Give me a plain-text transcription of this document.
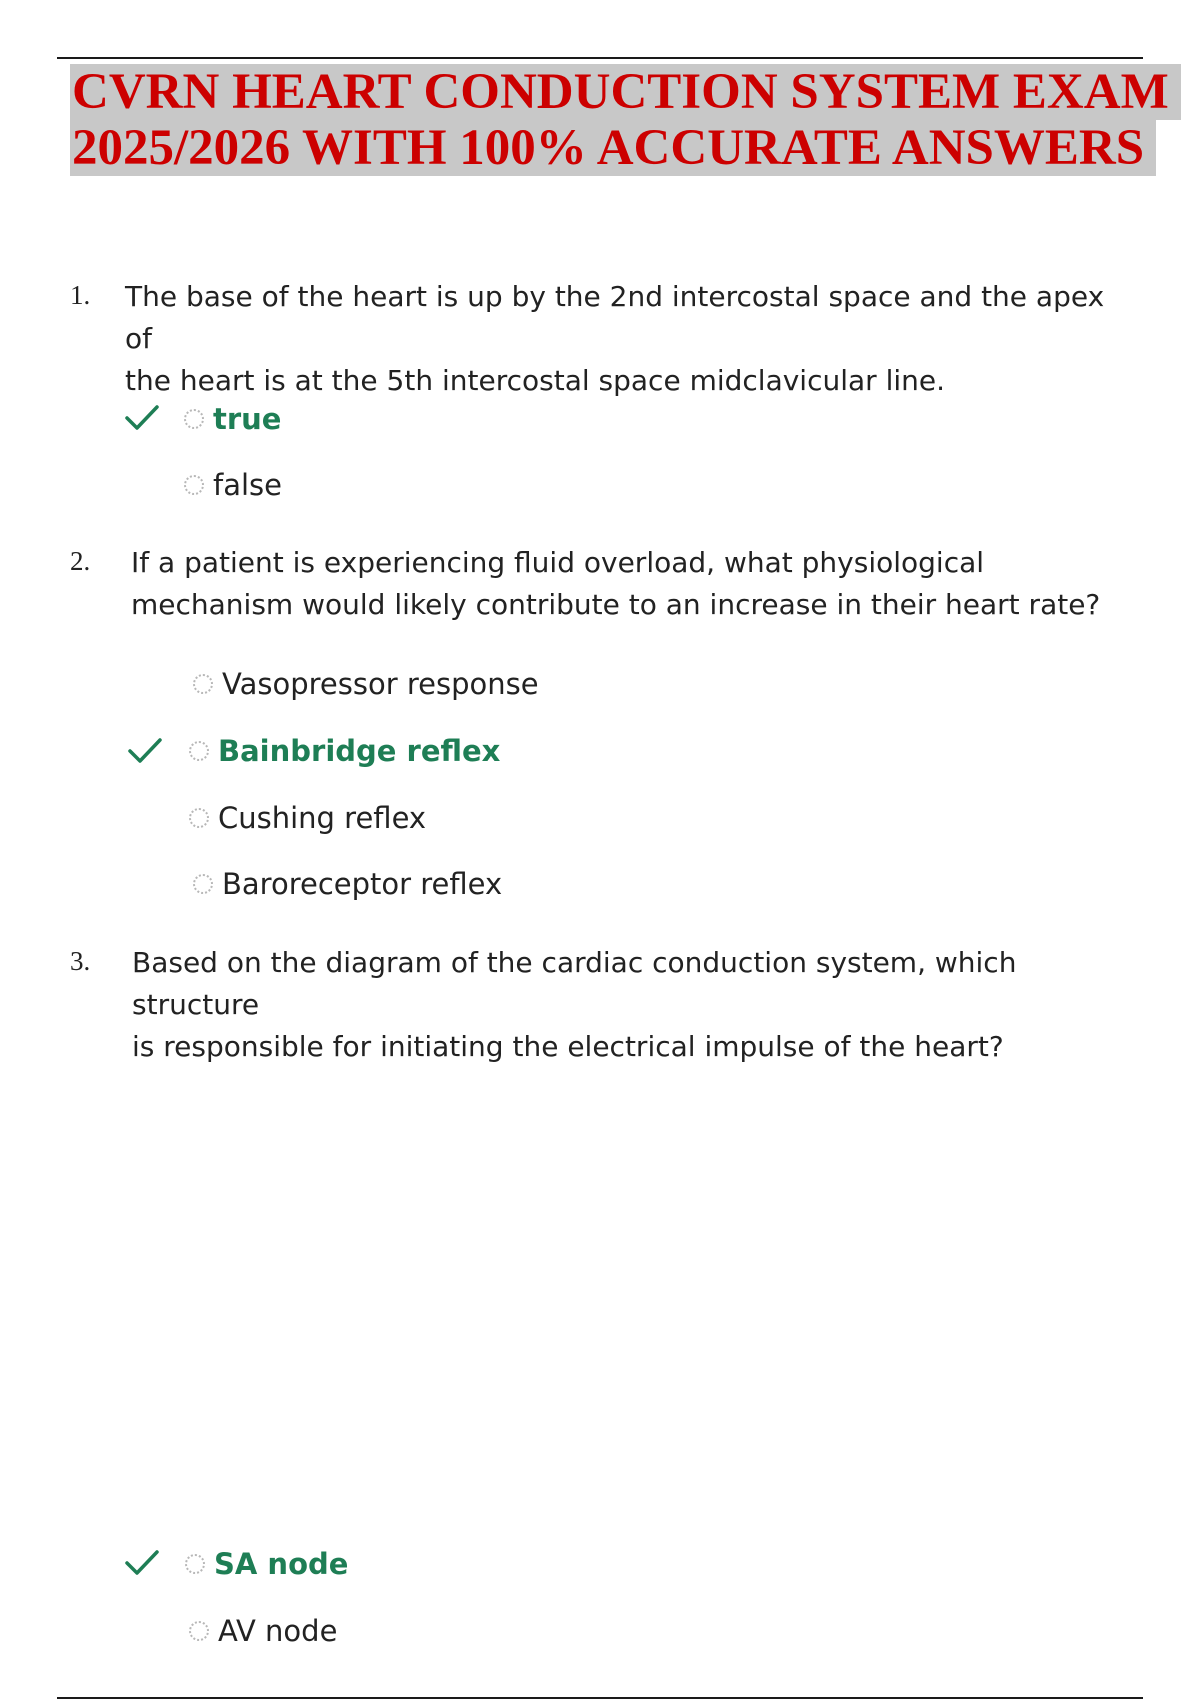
CVRN HEART CONDUCTION SYSTEM EXAM
2025/2026 WITH 100% ACCURATE ANSWERS
1. The base of the heart is up by the 2nd intercostal space and the apex of
the heart is at the 5th intercostal space midclavicular line.
true
false
2. If a patient is experiencing fluid overload, what physiological
mechanism would likely contribute to an increase in their heart rate?
Vasopressor response
Bainbridge reflex
Cushing reflex
Baroreceptor reflex
3. Based on the diagram of the cardiac conduction system, which structure
is responsible for initiating the electrical impulse of the heart?
SA node
AV node
